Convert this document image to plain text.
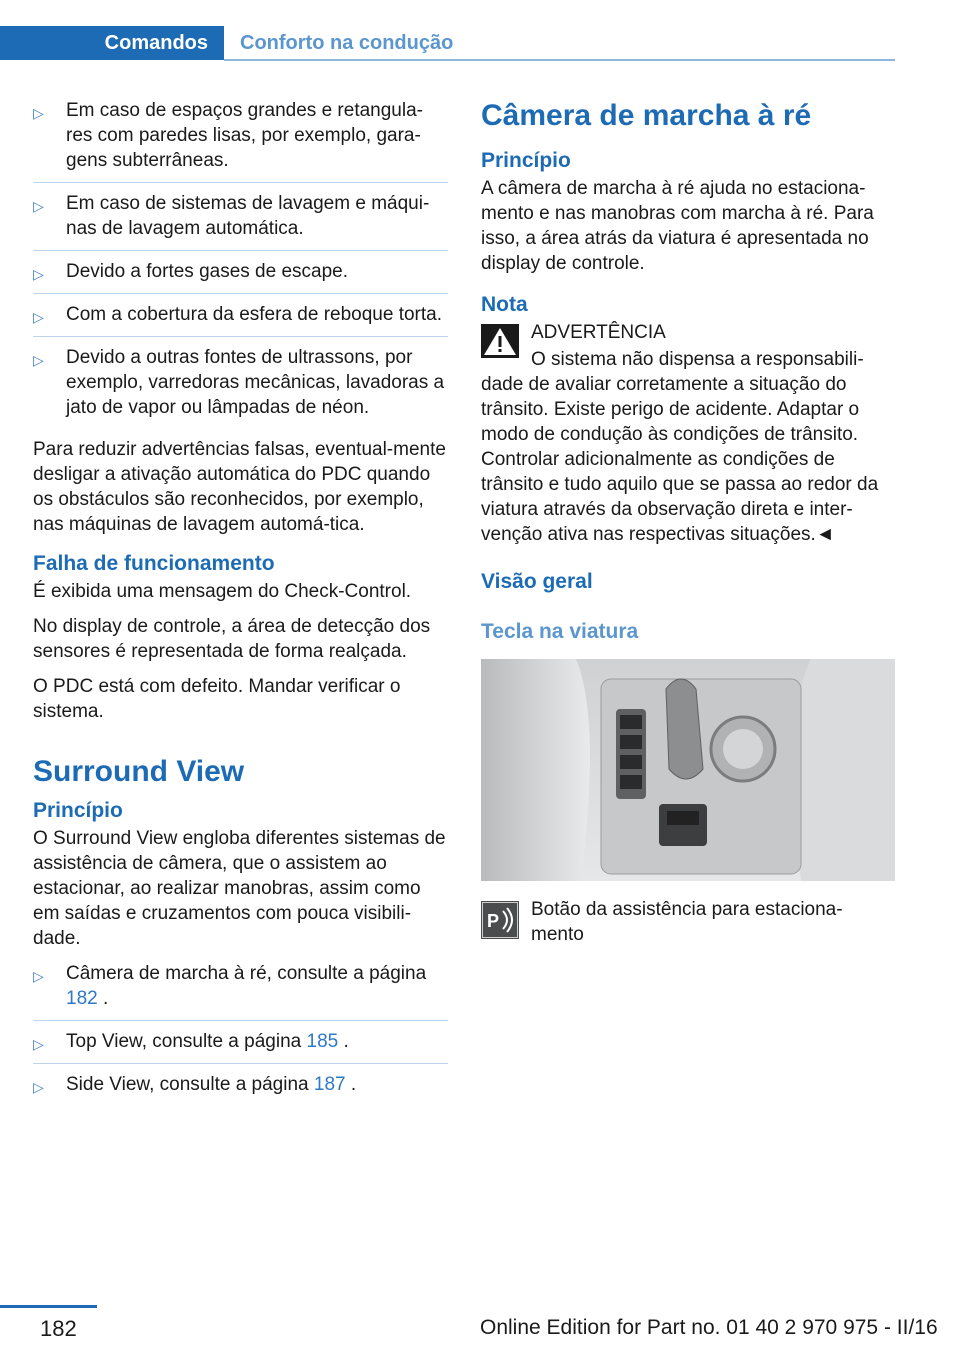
Comandos	Conforto na condução
▷ Em caso de espaços grandes e retangula‐res com paredes lisas, por exemplo, gara‐gens subterrâneas.
▷ Em caso de sistemas de lavagem e máqui‐nas de lavagem automática.
▷ Devido a fortes gases de escape.
▷ Com a cobertura da esfera de reboque torta.
▷ Devido a outras fontes de ultrassons, por exemplo, varredoras mecânicas, lavadoras a jato de vapor ou lâmpadas de néon.

Para reduzir advertências falsas, eventual‐mente desligar a ativação automática do PDC quando os obstáculos são reconhecidos, por exemplo, nas máquinas de lavagem automá‐tica.

Falha de funcionamento

É exibida uma mensagem do Check-Control.

No display de controle, a área de detecção dos sensores é representada de forma realçada.

O PDC está com defeito. Mandar verificar o sistema.

Surround View
Princípio

O Surround View engloba diferentes sistemas de assistência de câmera, que o assistem ao estacionar, ao realizar manobras, assim como em saídas e cruzamentos com pouca visibili‐dade.

▷ Câmera de marcha à ré, consulte a página 182 .
▷ Top View, consulte a página 185 .
▷ Side View, consulte a página 187 .
Câmera de marcha à ré
Princípio

A câmera de marcha à ré ajuda no estaciona‐mento e nas manobras com marcha à ré. Para isso, a área atrás da viatura é apresentada no display de controle.

Nota

ADVERTÊNCIA

O sistema não dispensa a responsabili‐

dade de avaliar corretamente a situação do trânsito. Existe perigo de acidente. Adaptar o modo de condução às condições de trânsito. Controlar adicionalmente as condições de trânsito e tudo aquilo que se passa ao redor da viatura através da observação direta e inter‐venção ativa nas respectivas situações.◄

Visão geral
Tecla na viatura
P

Botão da assistência para estaciona‐mento

182	Online Edition for Part no. 01 40 2 970 975 - II/16
